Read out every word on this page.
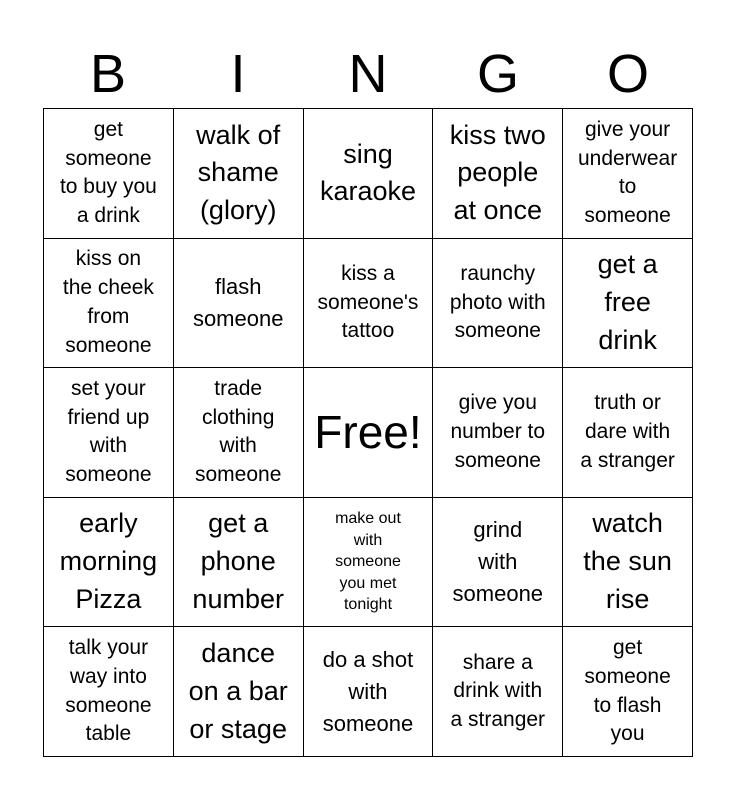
B	I	N	G	O
get
someone
to buy you
a drink
walk of
shame
(glory)
sing
karaoke
kiss two
people
at once
give your
underwear
to
someone
kiss on
the cheek
from
someone
flash
someone
kiss a
someone's
tattoo
raunchy
photo with
someone
get a
free
drink
set your
friend up
with
someone
trade
clothing
with
someone
Free!
give you
number to
someone
truth or
dare with
a stranger
early
morning
Pizza
get a
phone
number
make out
with
someone
you met
tonight
grind
with
someone
watch
the sun
rise
talk your
way into
someone
table
dance
on a bar
or stage
do a shot
with
someone
share a
drink with
a stranger
get
someone
to flash
you
